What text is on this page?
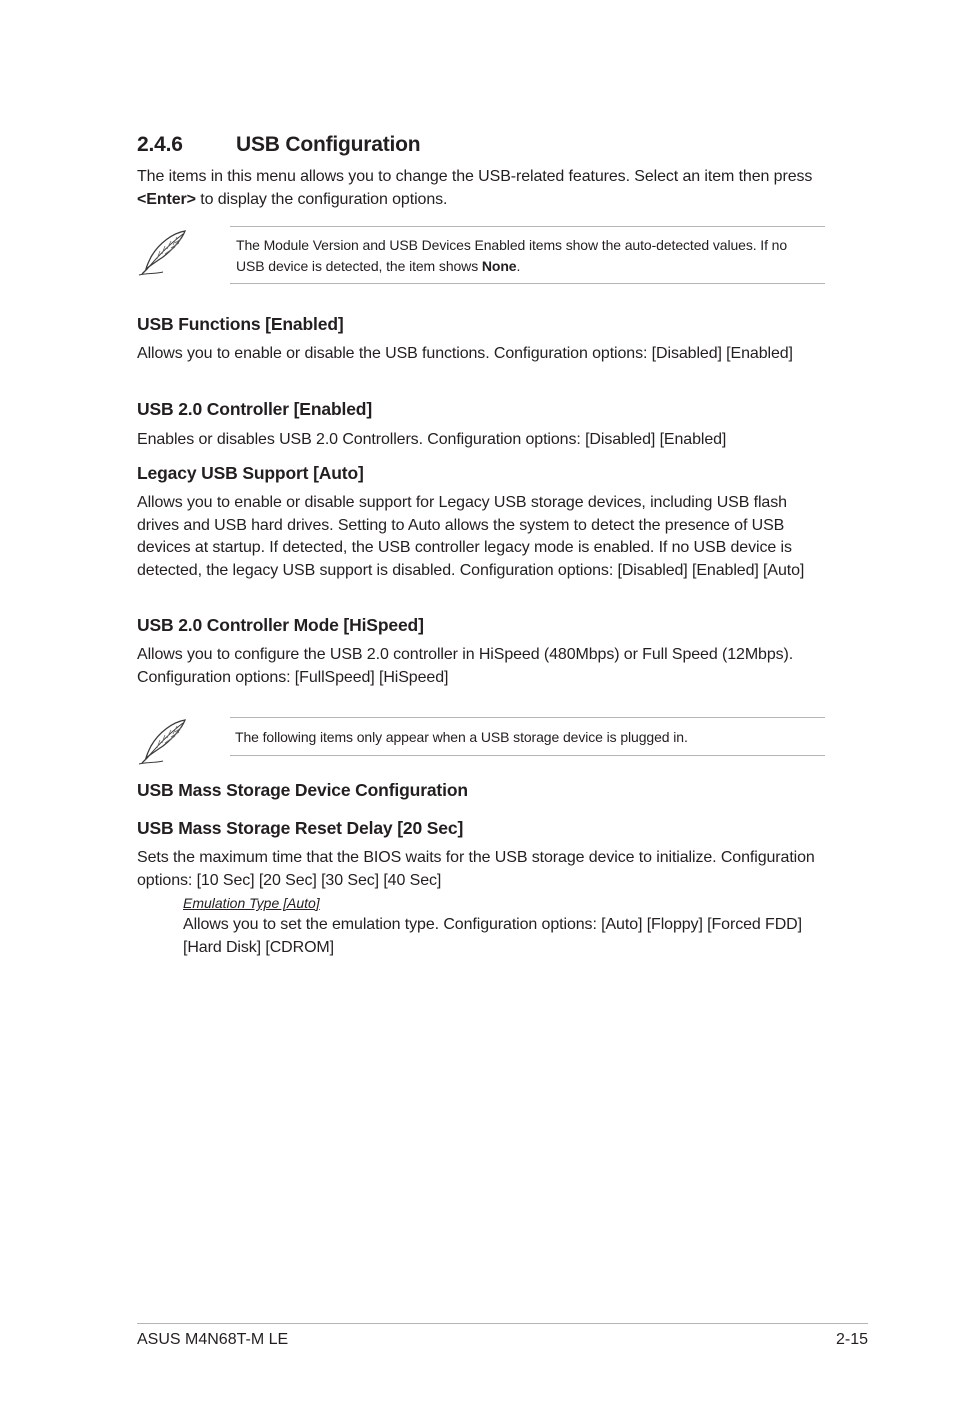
2.4.6	USB Configuration

The items in this menu allows you to change the USB-related features. Select an item then press <Enter> to display the configuration options.

The Module Version and USB Devices Enabled items show the auto-detected values. If no USB device is detected, the item shows None.
USB Functions [Enabled]

Allows you to enable or disable the USB functions. Configuration options: [Disabled] [Enabled]

USB 2.0 Controller [Enabled]

Enables or disables USB 2.0 Controllers. Configuration options: [Disabled] [Enabled]

Legacy USB Support [Auto]

Allows you to enable or disable support for Legacy USB storage devices, including USB flash drives and USB hard drives. Setting to Auto allows the system to detect the presence of USB devices at startup. If detected, the USB controller legacy mode is enabled. If no USB device is detected, the legacy USB support is disabled. Configuration options: [Disabled] [Enabled] [Auto]

USB 2.0 Controller Mode [HiSpeed]

Allows you to configure the USB 2.0 controller in HiSpeed (480Mbps) or Full Speed (12Mbps). Configuration options: [FullSpeed] [HiSpeed]

The following items only appear when a USB storage device is plugged in.
USB Mass Storage Device Configuration
USB Mass Storage Reset Delay [20 Sec]

Sets the maximum time that the BIOS waits for the USB storage device to initialize. Configuration options: [10 Sec] [20 Sec] [30 Sec] [40 Sec]

Emulation Type [Auto]

Allows you to set the emulation type. Configuration options: [Auto] [Floppy] [Forced FDD] [Hard Disk] [CDROM]

ASUS M4N68T-M LE	2-15
